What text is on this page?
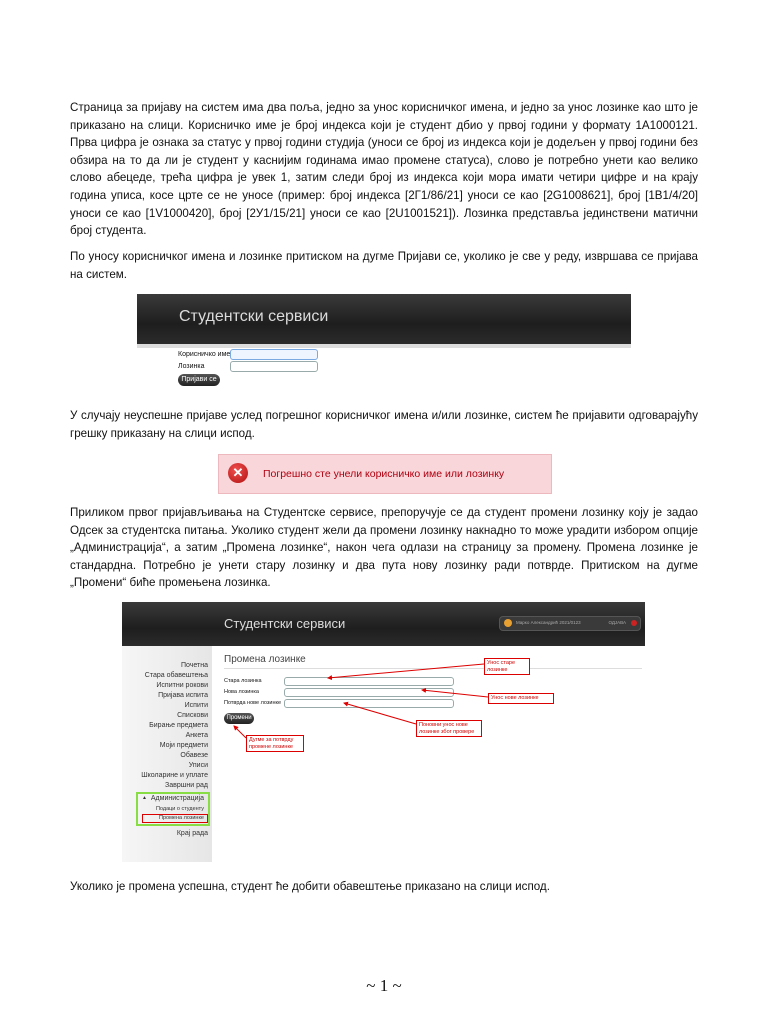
Страница за пријаву на систем има два поља, једно за унос корисничког имена, и једно за унос лозинке као што је приказано на слици. Корисничко име је број индекса који је студент дбио у првој години у формату 1A1000121. Прва цифра је ознака за статус у првој години студија (уноси се број из индекса који је додељен у првој години без обзира на то да ли је студент у каснијим годинама имао промене статуса), слово је потребно унети као велико слово абецеде, трећа цифра је увек 1, затим следи број из индекса који мора имати четири цифре и на крају година уписа, косе црте се не уносе (пример: број индекса [2Г1/86/21] уноси се као [2G1008621], број [1В1/4/20] уноси се као [1V1000420], број [2У1/15/21] уноси се као [2U1001521]). Лозинка представља јединствени матични број студента.

По уносу корисничког имена и лозинке притиском на дугме Пријави се, уколико је све у реду, извршава се пријава на систем.

Студентски сервиси
Корисничко име
Лозинка
Пријави се

У случају неуспешне пријаве услед погрешног корисничког имена и/или лозинке, систем ће пријавити одговарајућу грешку приказану на слици испод.

✕	Погрешно сте унели корисничко име или лозинку

Приликом првог пријављивања на Студентске сервисе, препоручује се да студент промени лозинку коју је задао Одсек за студентска питања. Уколико студент жели да промени лозинку накнадно то може урадити избором опције „Администрација“, а затим „Промена лозинке“, након чега одлази на страницу за промену. Промена лозинке је стандардна. Потребно је унети стару лозинку и два пута нову лозинку ради потврде. Притиском на дугме „Промени“ биће промењена лозинка.

Студентски сервиси	Марко Александрић 2021/0123	ОДЈАВА
Почетна
Стара обавештења
Испитни рокови
Пријава испита
Испити
Спискови
Бирање предмета
Анкета
Моји предмети
Обавезе
Уписи
Школарине и уплате
Завршни рад
Администрација
▲
Подаци о студенту
Промена лозинке
Крај рада
Промена лозинке
Стара лозинка
Нова лозинка
Потврда нове лозинке
Промени
Унос старе лозинке
Унос нове лозинке
Поновни унос нове лозинке због провере
Дугме за потврду промене лозинке

Уколико је промена успешна, студент ће добити обавештење приказано на слици испод.

~ 1 ~
